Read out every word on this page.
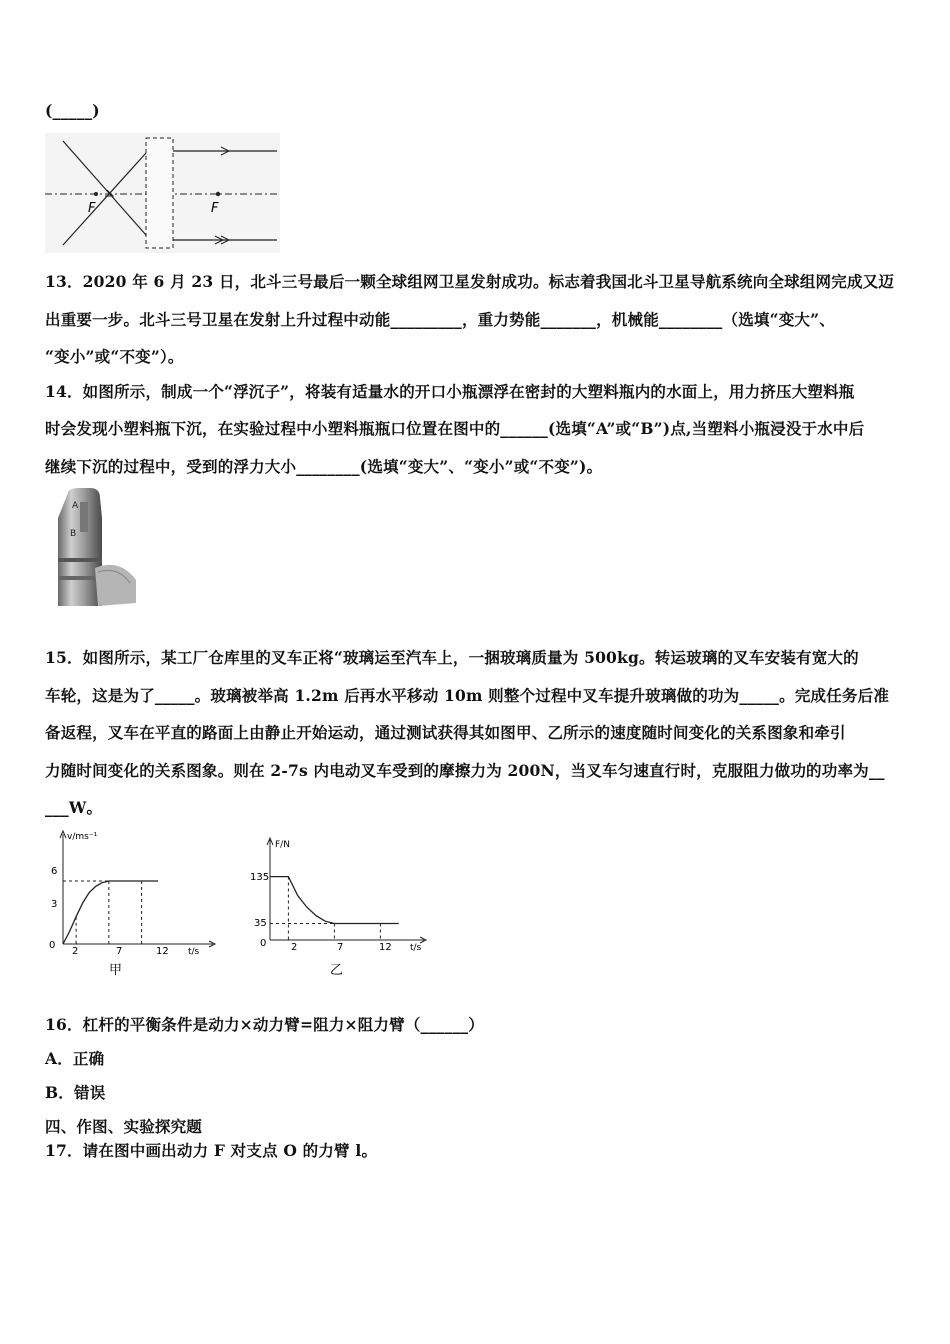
(_____)
F	F
13．2020 年 6 月 23 日，北斗三号最后一颗全球组网卫星发射成功。标志着我国北斗卫星导航系统向全球组网完成又迈
出重要一步。北斗三号卫星在发射上升过程中动能_________，重力势能_______，机械能________（选填“变大”、
“变小”或“不变”）。
14．如图所示，制成一个“浮沉子”，将装有适量水的开口小瓶漂浮在密封的大塑料瓶内的水面上，用力挤压大塑料瓶
时会发现小塑料瓶下沉，在实验过程中小塑料瓶瓶口位置在图中的______(选填“A”或“B”)点,当塑料小瓶浸没于水中后
继续下沉的过程中，受到的浮力大小________(选填“变大”、“变小”或“不变”)。
A
B
15．如图所示，某工厂仓库里的叉车正将“玻璃运至汽车上，一捆玻璃质量为 500kg。转运玻璃的叉车安装有宽大的
车轮，这是为了_____。玻璃被举高 1.2m 后再水平移动 10m 则整个过程中叉车提升玻璃做的功为_____。完成任务后准
备返程，叉车在平直的路面上由静止开始运动，通过测试获得其如图甲、乙所示的速度随时间变化的关系图象和牵引
力随时间变化的关系图象。则在 2-7s 内电动叉车受到的摩擦力为 200N，当叉车匀速直行时，克服阻力做功的功率为__
___W。
v/ms⁻¹
t/s
0
2	7	12
3
6
甲
F/N
t/s
0 2	7	12
35
135
乙
16．杠杆的平衡条件是动力×动力臂=阻力×阻力臂（______）
A．正确
B．错误
四、作图、实验探究题
17．请在图中画出动力 F 对支点 O 的力臂 l。
